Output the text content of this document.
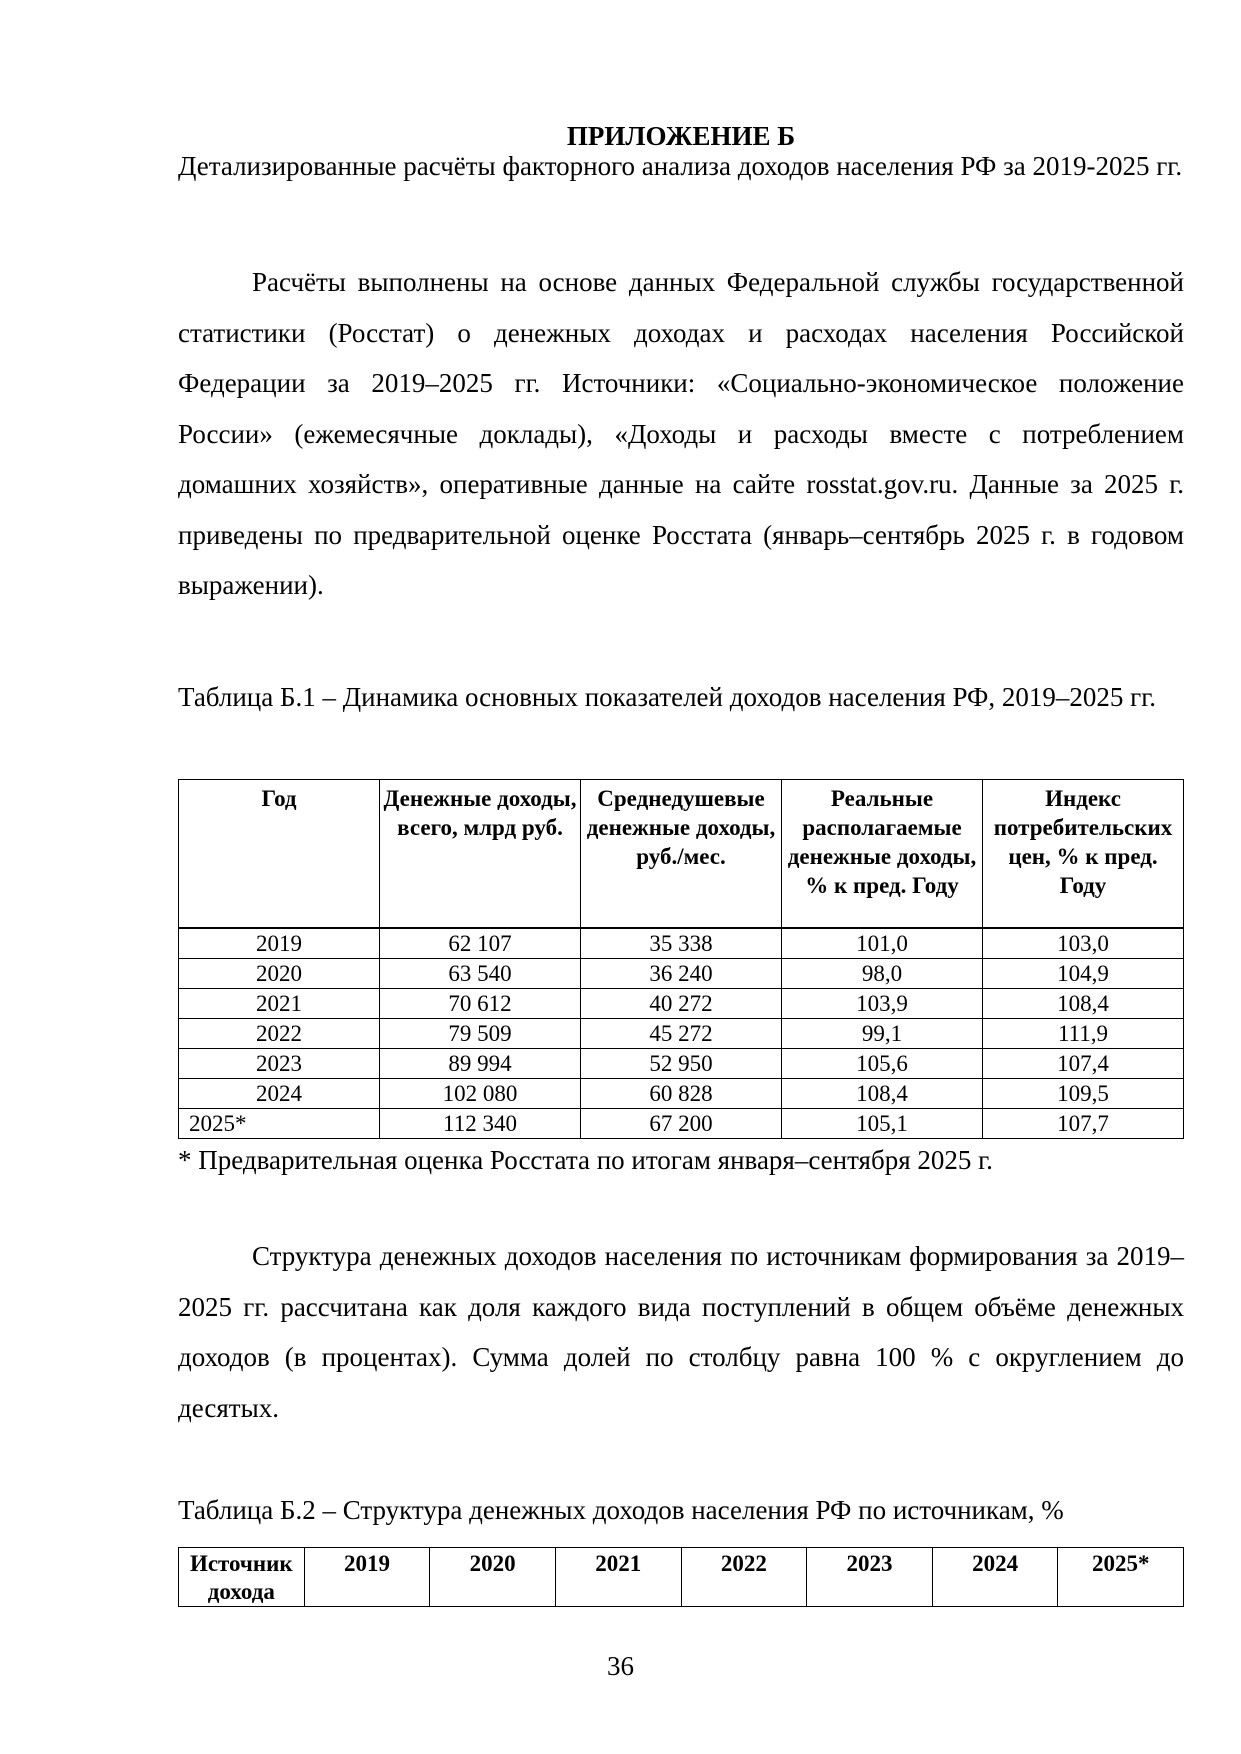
ПРИЛОЖЕНИЕ Б

Детализированные расчёты факторного анализа доходов населения РФ за 2019-2025 гг.

Расчёты выполнены на основе данных Федеральной службы государственной статистики (Росстат) о денежных доходах и расходах населения Российской Федерации за 2019–2025 гг. Источники: «Социально-экономическое положение России» (ежемесячные доклады), «Доходы и расходы вместе с потреблением домашних хозяйств», оперативные данные на сайте rosstat.gov.ru. Данные за 2025 г. приведены по предварительной оценке Росстата (январь–сентябрь 2025 г. в годовом выражении).

Таблица Б.1 – Динамика основных показателей доходов населения РФ, 2019–2025 гг.

Год	Денежные доходы, всего, млрд руб.	Среднедушевые денежные доходы, руб./мес.	Реальные располагаемые денежные доходы, % к пред. Году	Индекс потребительских цен, % к пред. Году
2019	62 107	35 338	101,0	103,0
2020	63 540	36 240	98,0	104,9
2021	70 612	40 272	103,9	108,4
2022	79 509	45 272	99,1	111,9
2023	89 994	52 950	105,6	107,4
2024	102 080	60 828	108,4	109,5
2025*	112 340	67 200	105,1	107,7
* Предварительная оценка Росстата по итогам января–сентября 2025 г.

Структура денежных доходов населения по источникам формирования за 2019–2025 гг. рассчитана как доля каждого вида поступлений в общем объёме денежных доходов (в процентах). Сумма долей по столбцу равна 100 % с округлением до десятых.

Таблица Б.2 – Структура денежных доходов населения РФ по источникам, %

Источник дохода	2019	2020	2021	2022	2023	2024	2025*
36
